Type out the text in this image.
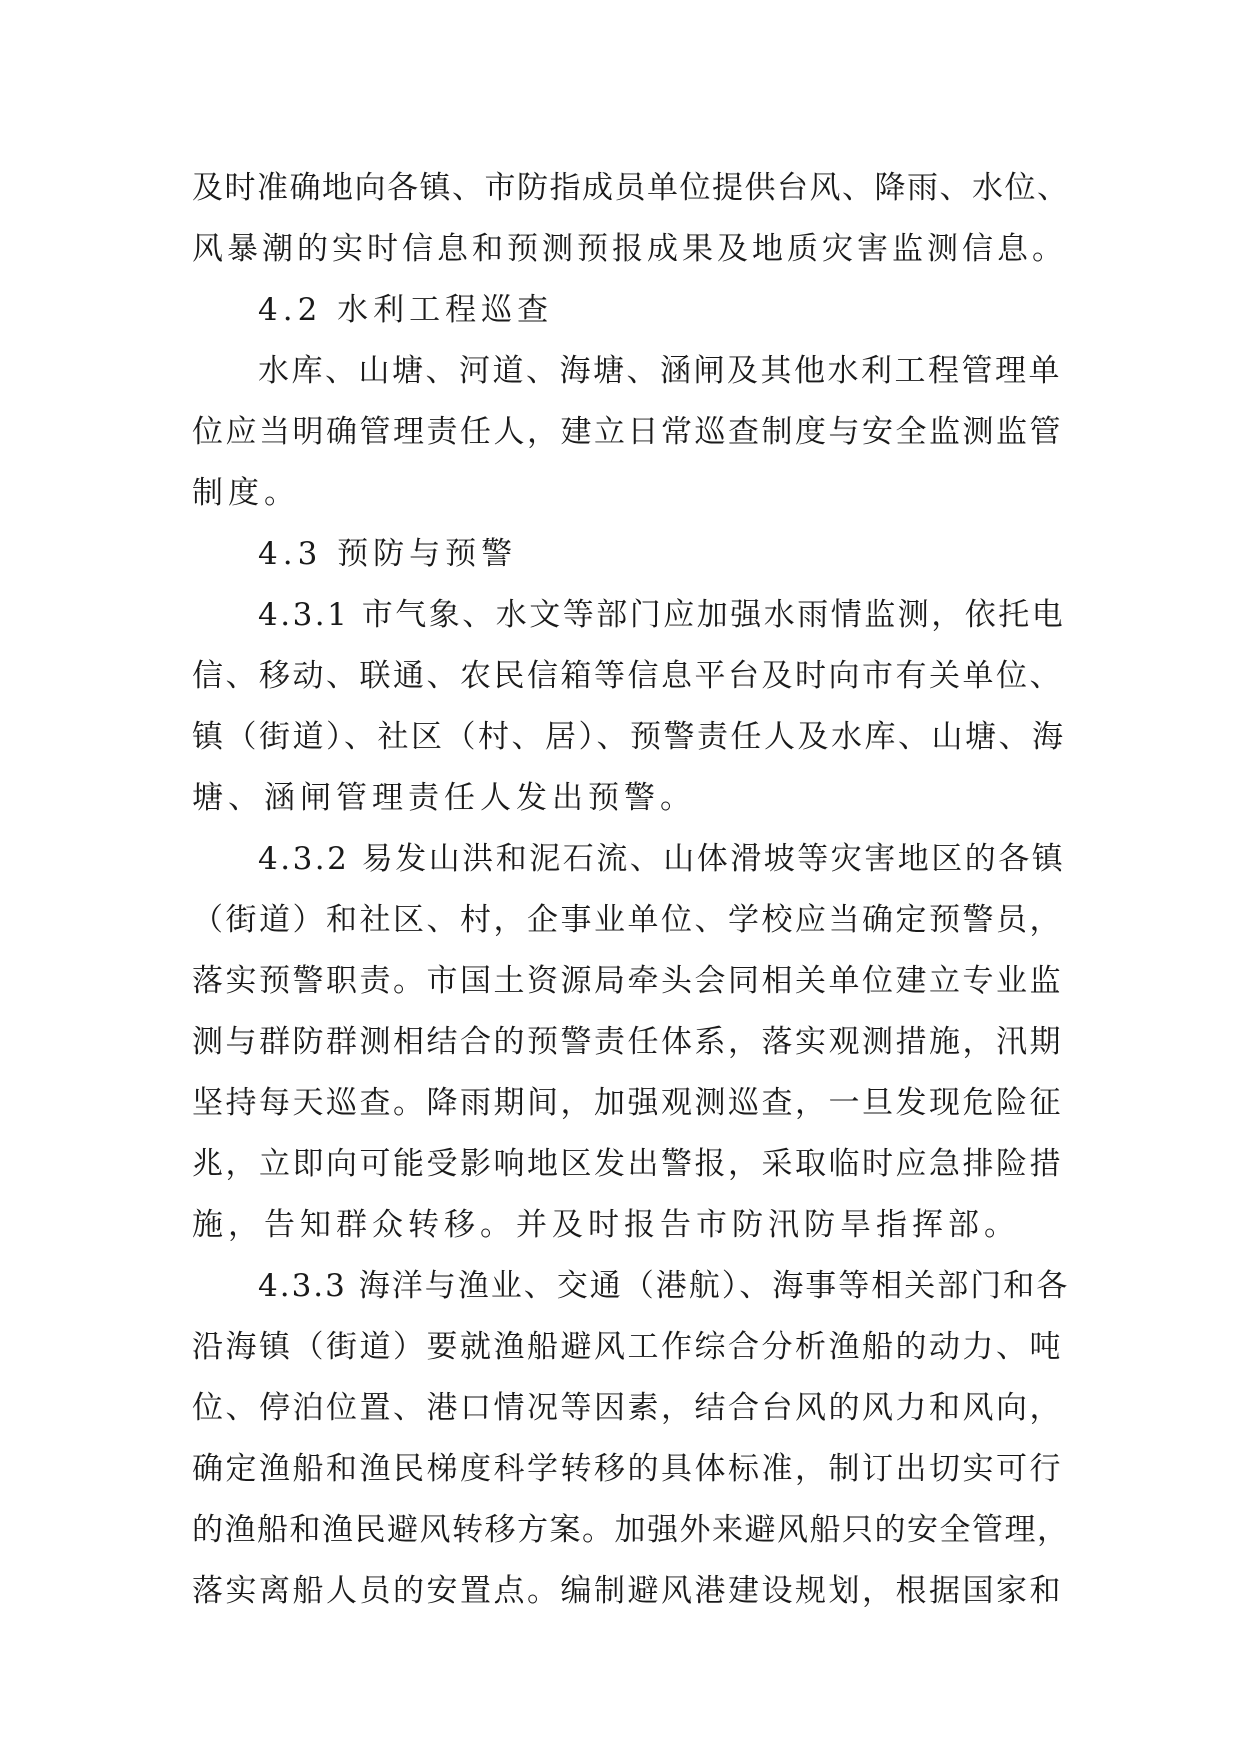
及时准确地向各镇、市防指成员单位提供台风、降雨、水位、
风暴潮的实时信息和预测预报成果及地质灾害监测信息。
4.2 水利工程巡查
水库、山塘、河道、海塘、涵闸及其他水利工程管理单
位应当明确管理责任人，建立日常巡查制度与安全监测监管
制度。
4.3 预防与预警
4.3.1 市气象、水文等部门应加强水雨情监测，依托电
信、移动、联通、农民信箱等信息平台及时向市有关单位、
镇（街道）、社区（村、居）、预警责任人及水库、山塘、海
塘、涵闸管理责任人发出预警。
4.3.2 易发山洪和泥石流、山体滑坡等灾害地区的各镇
（街道）和社区、村，企事业单位、学校应当确定预警员，
落实预警职责。市国土资源局牵头会同相关单位建立专业监
测与群防群测相结合的预警责任体系，落实观测措施，汛期
坚持每天巡查。降雨期间，加强观测巡查，一旦发现危险征
兆，立即向可能受影响地区发出警报，采取临时应急排险措
施，告知群众转移。并及时报告市防汛防旱指挥部。
4.3.3 海洋与渔业、交通（港航）、海事等相关部门和各
沿海镇（街道）要就渔船避风工作综合分析渔船的动力、吨
位、停泊位置、港口情况等因素，结合台风的风力和风向，
确定渔船和渔民梯度科学转移的具体标准，制订出切实可行
的渔船和渔民避风转移方案。加强外来避风船只的安全管理，
落实离船人员的安置点。编制避风港建设规划，根据国家和
